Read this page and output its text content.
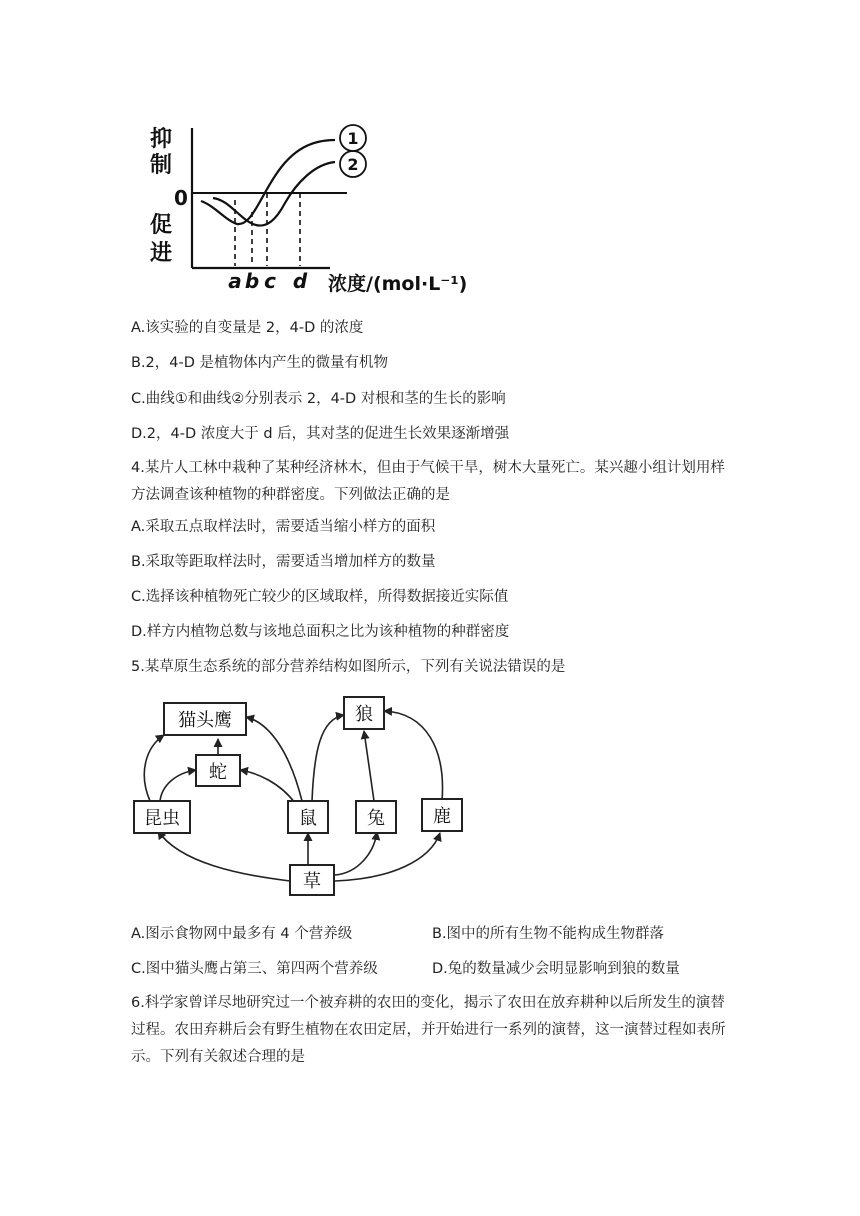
抑
制
0
促
进
1
2
a b c d 浓度/(mol·L⁻¹)
A.该实验的自变量是 2，4-D 的浓度
B.2，4-D 是植物体内产生的微量有机物
C.曲线①和曲线②分别表示 2，4-D 对根和茎的生长的影响
D.2，4-D 浓度大于 d 后，其对茎的促进生长效果逐渐增强
4.某片人工林中栽种了某种经济林木，但由于气候干旱，树木大量死亡。某兴趣小组计划用样方法调查该种植物的种群密度。下列做法正确的是
A.采取五点取样法时，需要适当缩小样方的面积
B.采取等距取样法时，需要适当增加样方的数量
C.选择该种植物死亡较少的区域取样，所得数据接近实际值
D.样方内植物总数与该地总面积之比为该种植物的种群密度
5.某草原生态系统的部分营养结构如图所示，下列有关说法错误的是
猫头鹰	狼
蛇
昆虫	鼠	兔	鹿
草
A.图示食物网中最多有 4 个营养级	B.图中的所有生物不能构成生物群落
C.图中猫头鹰占第三、第四两个营养级	D.兔的数量减少会明显影响到狼的数量
6.科学家曾详尽地研究过一个被弃耕的农田的变化，揭示了农田在放弃耕种以后所发生的演替过程。农田弃耕后会有野生植物在农田定居，并开始进行一系列的演替，这一演替过程如表所示。下列有关叙述合理的是
